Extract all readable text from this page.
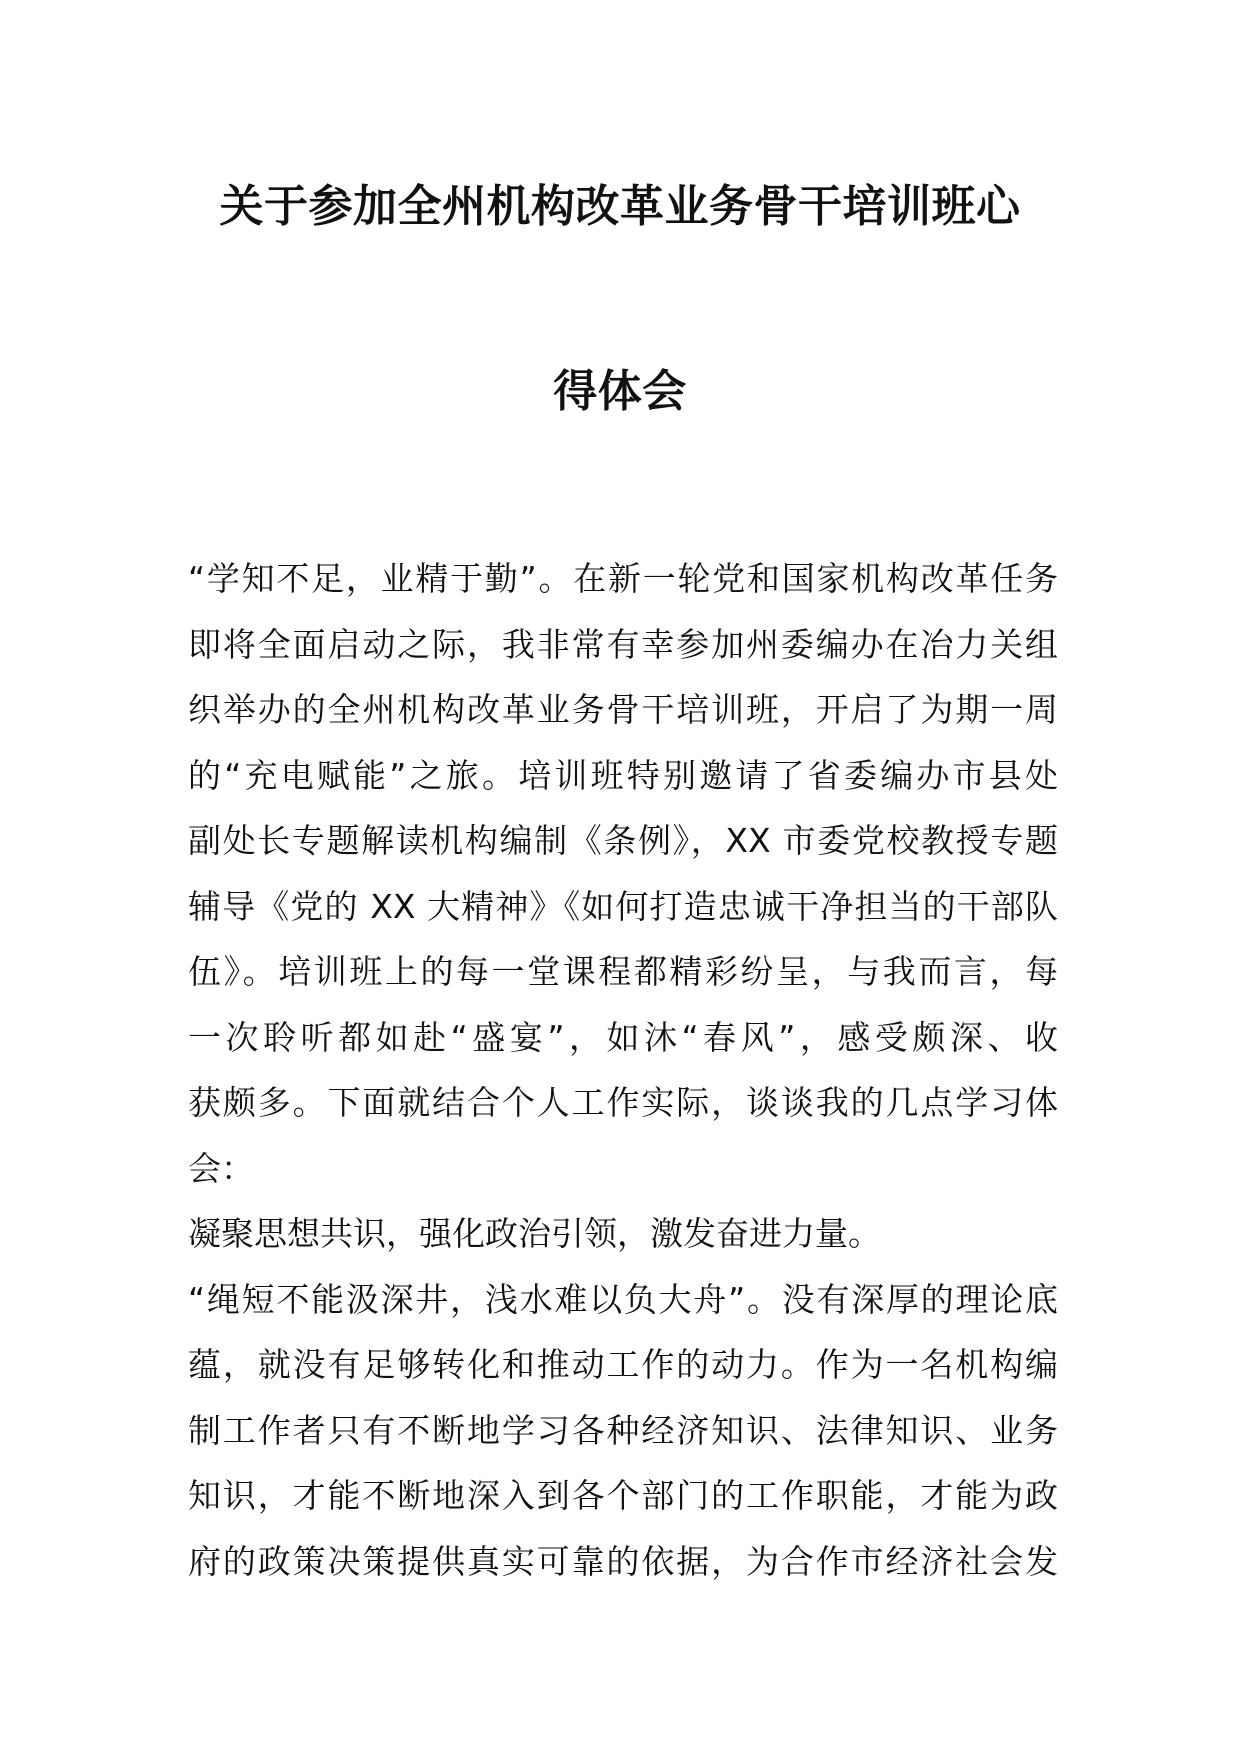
关于参加全州机构改革业务骨干培训班心
得体会
“学知不足，业精于勤”。在新一轮党和国家机构改革任务
即将全面启动之际，我非常有幸参加州委编办在冶力关组
织举办的全州机构改革业务骨干培训班，开启了为期一周
的“充电赋能”之旅。培训班特别邀请了省委编办市县处
副处长专题解读机构编制《条例》，XX 市委党校教授专题
辅导《党的 XX 大精神》《如何打造忠诚干净担当的干部队
伍》。培训班上的每一堂课程都精彩纷呈，与我而言，每
一次聆听都如赴“盛宴”，如沐“春风”，感受颇深、收
获颇多。下面就结合个人工作实际，谈谈我的几点学习体
会：
凝聚思想共识，强化政治引领，激发奋进力量。
“绳短不能汲深井，浅水难以负大舟”。没有深厚的理论底
蕴，就没有足够转化和推动工作的动力。作为一名机构编
制工作者只有不断地学习各种经济知识、法律知识、业务
知识，才能不断地深入到各个部门的工作职能，才能为政
府的政策决策提供真实可靠的依据，为合作市经济社会发
